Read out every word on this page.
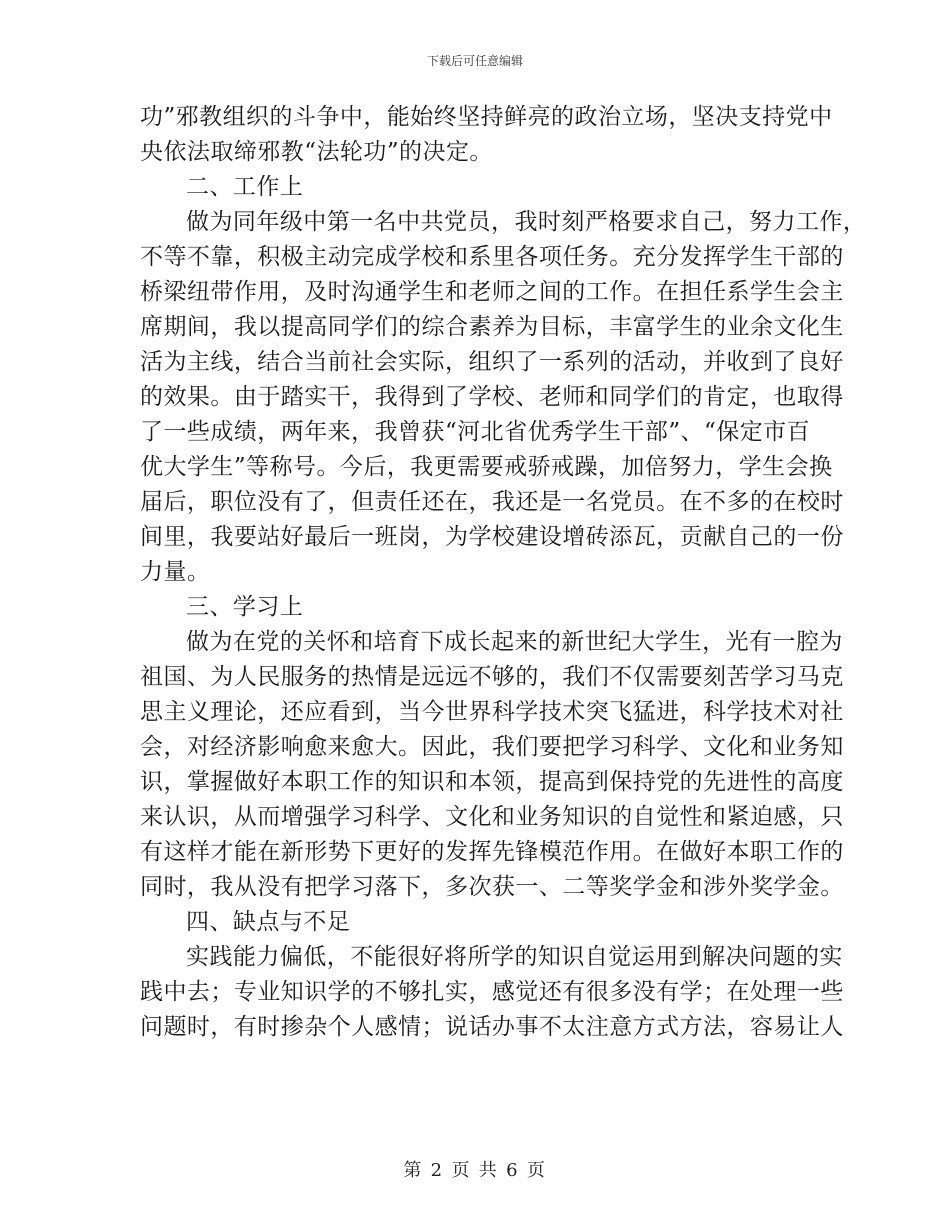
下载后可任意编辑
功”邪教组织的斗争中，能始终坚持鲜亮的政治立场，坚决支持党中
央依法取缔邪教“法轮功”的决定。
二、工作上
做为同年级中第一名中共党员，我时刻严格要求自己，努力工作，
不等不靠，积极主动完成学校和系里各项任务。充分发挥学生干部的
桥梁纽带作用，及时沟通学生和老师之间的工作。在担任系学生会主
席期间，我以提高同学们的综合素养为目标，丰富学生的业余文化生
活为主线，结合当前社会实际，组织了一系列的活动，并收到了良好
的效果。由于踏实干，我得到了学校、老师和同学们的肯定，也取得
了一些成绩，两年来，我曾获“河北省优秀学生干部”、“保定市百
优大学生”等称号。今后，我更需要戒骄戒躁，加倍努力，学生会换
届后，职位没有了，但责任还在，我还是一名党员。在不多的在校时
间里，我要站好最后一班岗，为学校建设增砖添瓦，贡献自己的一份
力量。
三、学习上
做为在党的关怀和培育下成长起来的新世纪大学生，光有一腔为
祖国、为人民服务的热情是远远不够的，我们不仅需要刻苦学习马克
思主义理论，还应看到，当今世界科学技术突飞猛进，科学技术对社
会，对经济影响愈来愈大。因此，我们要把学习科学、文化和业务知
识，掌握做好本职工作的知识和本领，提高到保持党的先进性的高度
来认识，从而增强学习科学、文化和业务知识的自觉性和紧迫感，只
有这样才能在新形势下更好的发挥先锋模范作用。在做好本职工作的
同时，我从没有把学习落下，多次获一、二等奖学金和涉外奖学金。
四、缺点与不足
实践能力偏低，不能很好将所学的知识自觉运用到解决问题的实
践中去；专业知识学的不够扎实，感觉还有很多没有学；在处理一些
问题时，有时掺杂个人感情；说话办事不太注意方式方法，容易让人
第 2 页 共 6 页
